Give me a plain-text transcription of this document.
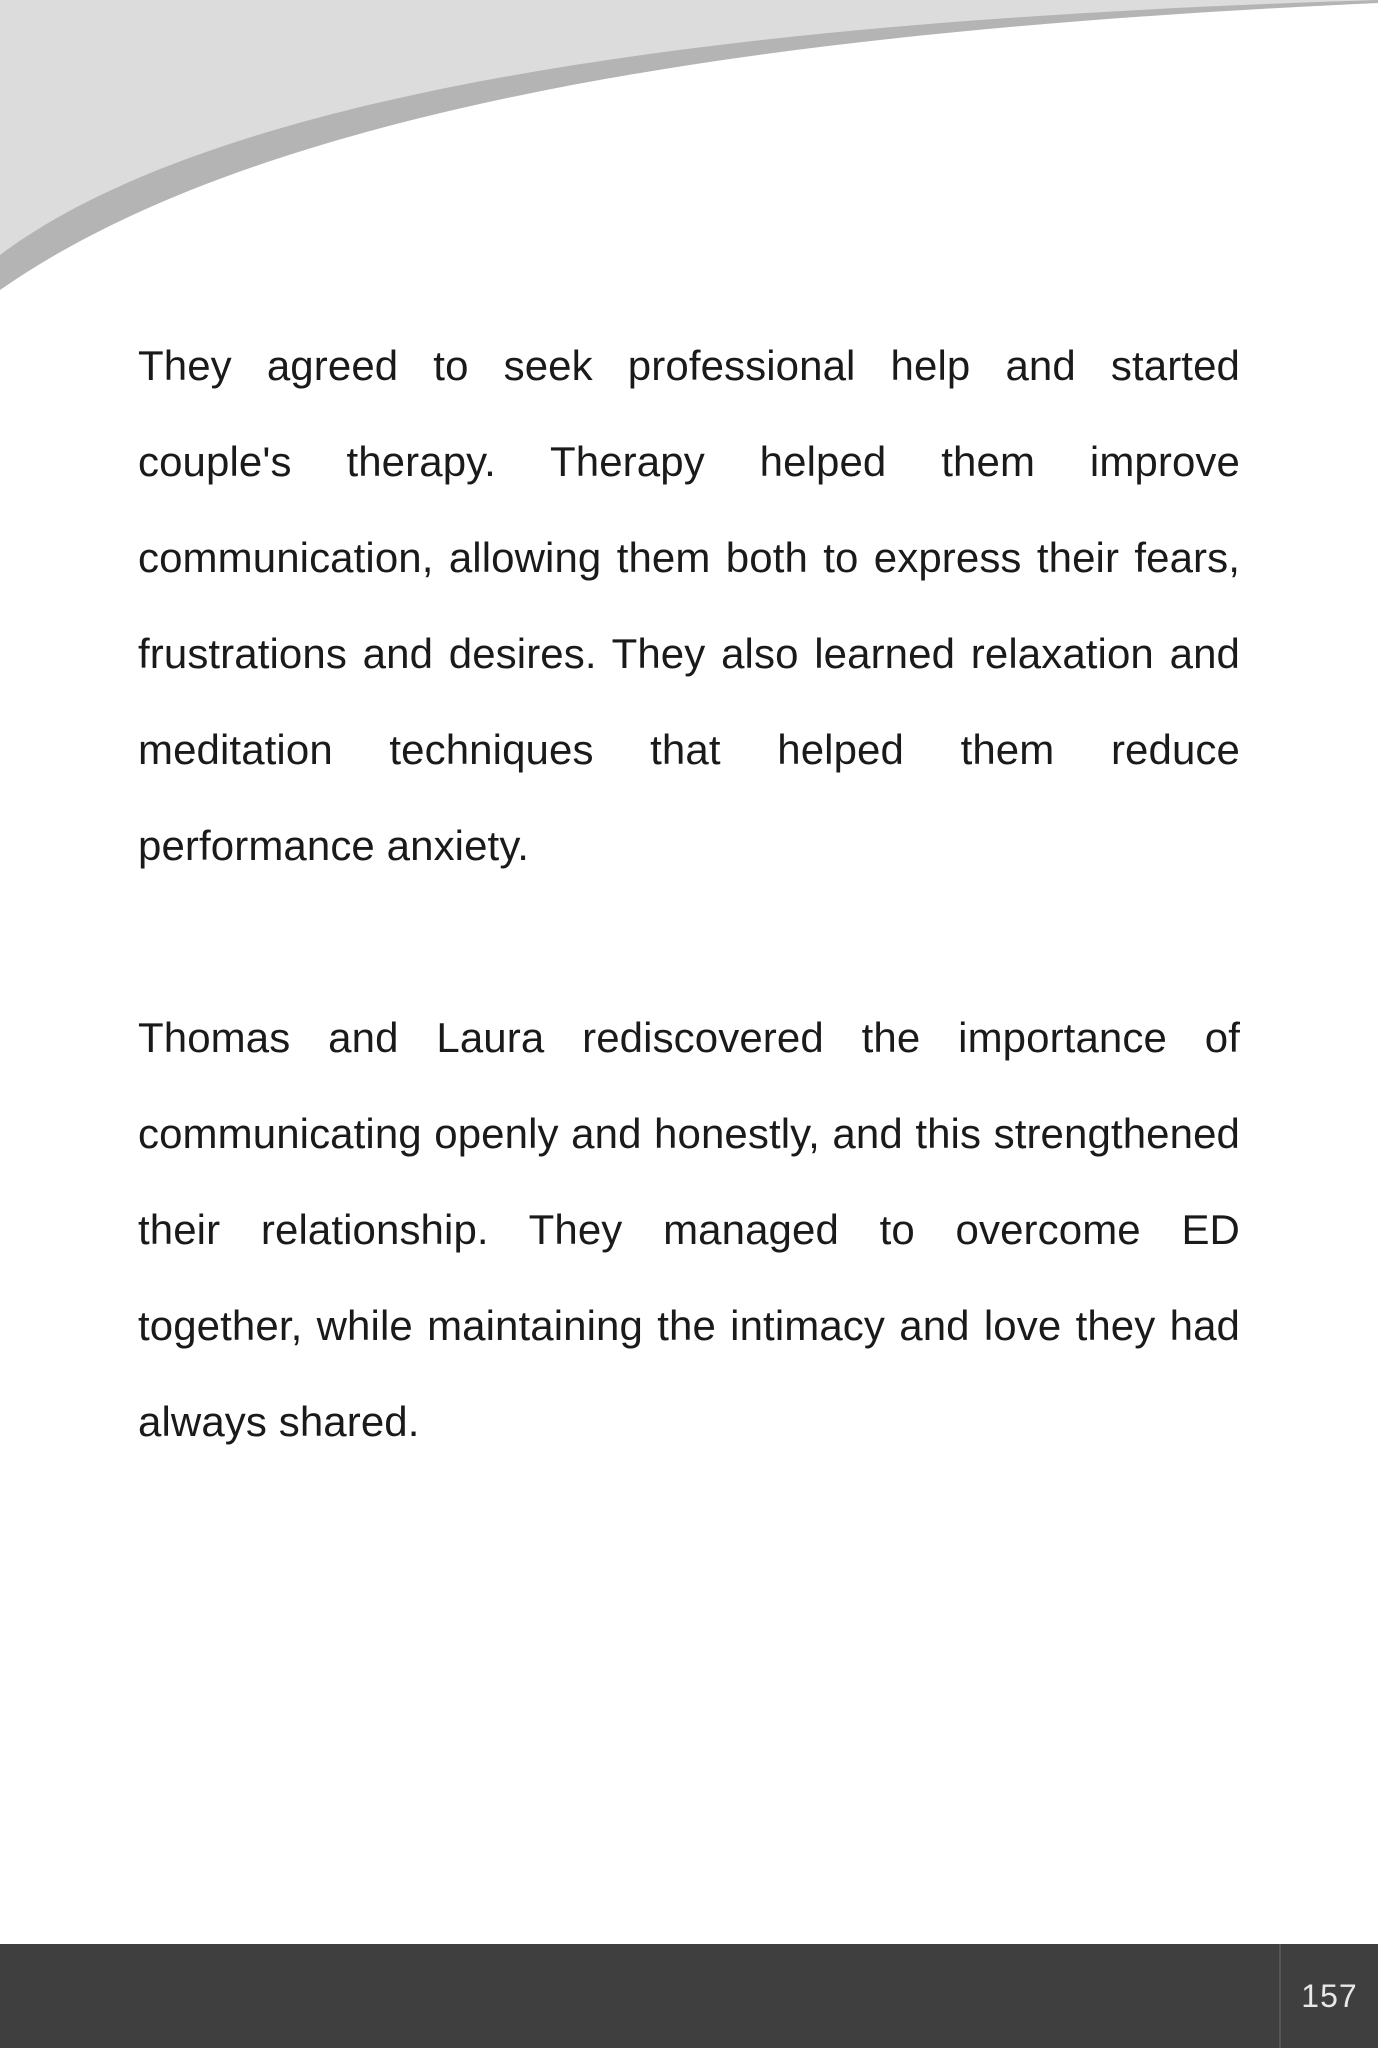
They agreed to seek professional help and started couple's therapy. Therapy helped them improve communication, allowing them both to express their fears, frustrations and desires. They also learned relaxation and meditation techniques that helped them reduce performance anxiety.

Thomas and Laura rediscovered the importance of communicating openly and honestly, and this strengthened their relationship. They managed to overcome ED together, while maintaining the intimacy and love they had always shared.

157
